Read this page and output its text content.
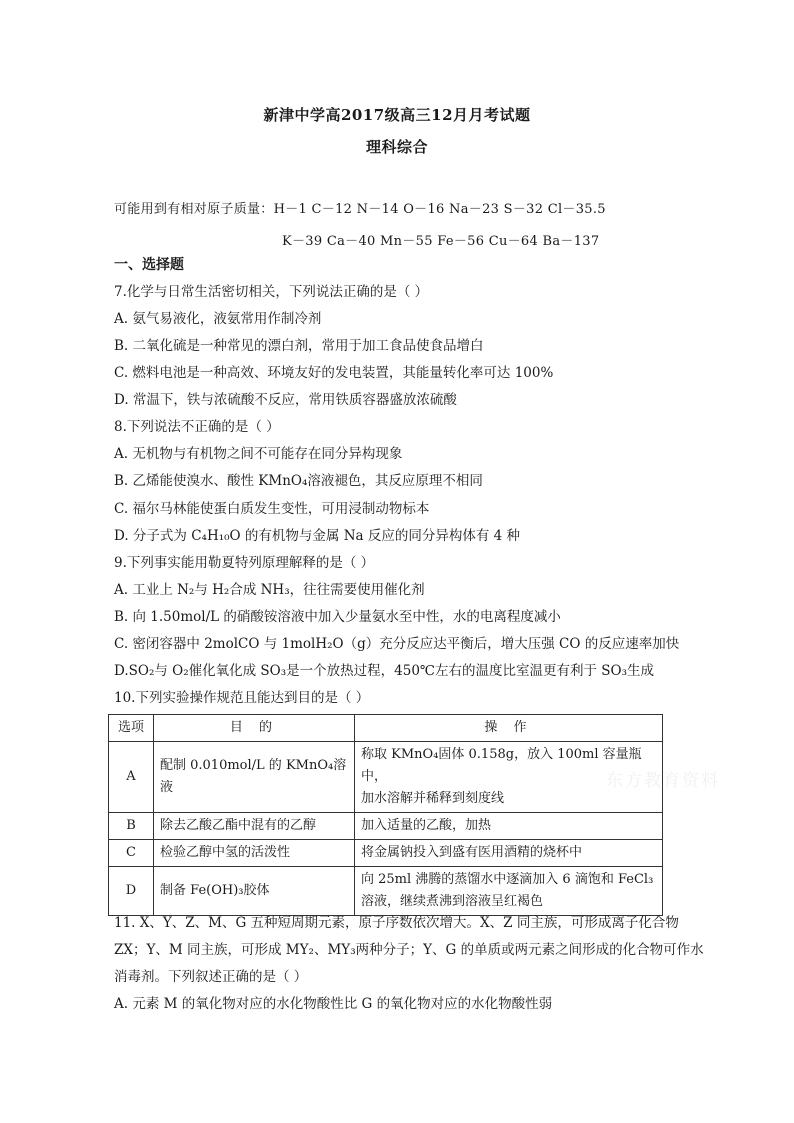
新津中学高2017级高三12月月考试题
理科综合
可能用到有相对原子质量：H－1 C－12 N－14 O－16 Na－23 S－32 Cl－35.5
K－39 Ca－40 Mn－55 Fe－56 Cu－64 Ba－137
一、选择题
7.化学与日常生活密切相关，下列说法正确的是（ ）
A. 氨气易液化，液氨常用作制冷剂
B. 二氧化硫是一种常见的漂白剂，常用于加工食品使食品增白
C. 燃料电池是一种高效、环境友好的发电装置，其能量转化率可达 100%
D. 常温下，铁与浓硫酸不反应，常用铁质容器盛放浓硫酸
8.下列说法不正确的是（ ）
A. 无机物与有机物之间不可能存在同分异构现象
B. 乙烯能使溴水、酸性 KMnO₄溶液褪色，其反应原理不相同
C. 福尔马林能使蛋白质发生变性，可用浸制动物标本
D. 分子式为 C₄H₁₀O 的有机物与金属 Na 反应的同分异构体有 4 种
9.下列事实能用勒夏特列原理解释的是（ ）
A. 工业上 N₂与 H₂合成 NH₃，往往需要使用催化剂
B. 向 1.50mol/L 的硝酸铵溶液中加入少量氨水至中性，水的电离程度减小
C. 密闭容器中 2molCO 与 1molH₂O（g）充分反应达平衡后，增大压强 CO 的反应速率加快
D.SO₂与 O₂催化氧化成 SO₃是一个放热过程，450℃左右的温度比室温更有利于 SO₃生成
10.下列实验操作规范且能达到目的是（ ）
选项	目 的	操 作
A	配制 0.010mol/L 的 KMnO₄溶液	称取 KMnO₄固体 0.158g，放入 100ml 容量瓶中，
加水溶解并稀释到刻度线

B	除去乙酸乙酯中混有的乙醇	加入适量的乙酸，加热
C	检验乙醇中氢的活泼性	将金属钠投入到盛有医用酒精的烧杯中
D	制备 Fe(OH)₃胶体	向 25ml 沸腾的蒸馏水中逐滴加入 6 滴饱和 FeCl₃
溶液，继续煮沸到溶液呈红褐色
东方教育资料
11. X、Y、Z、M、G 五种短周期元素，原子序数依次增大。X、Z 同主族，可形成离子化合物
ZX；Y、M 同主族，可形成 MY₂、MY₃两种分子；Y、G 的单质或两元素之间形成的化合物可作水
消毒剂。下列叙述正确的是（ ）
A. 元素 M 的氧化物对应的水化物酸性比 G 的氧化物对应的水化物酸性弱
